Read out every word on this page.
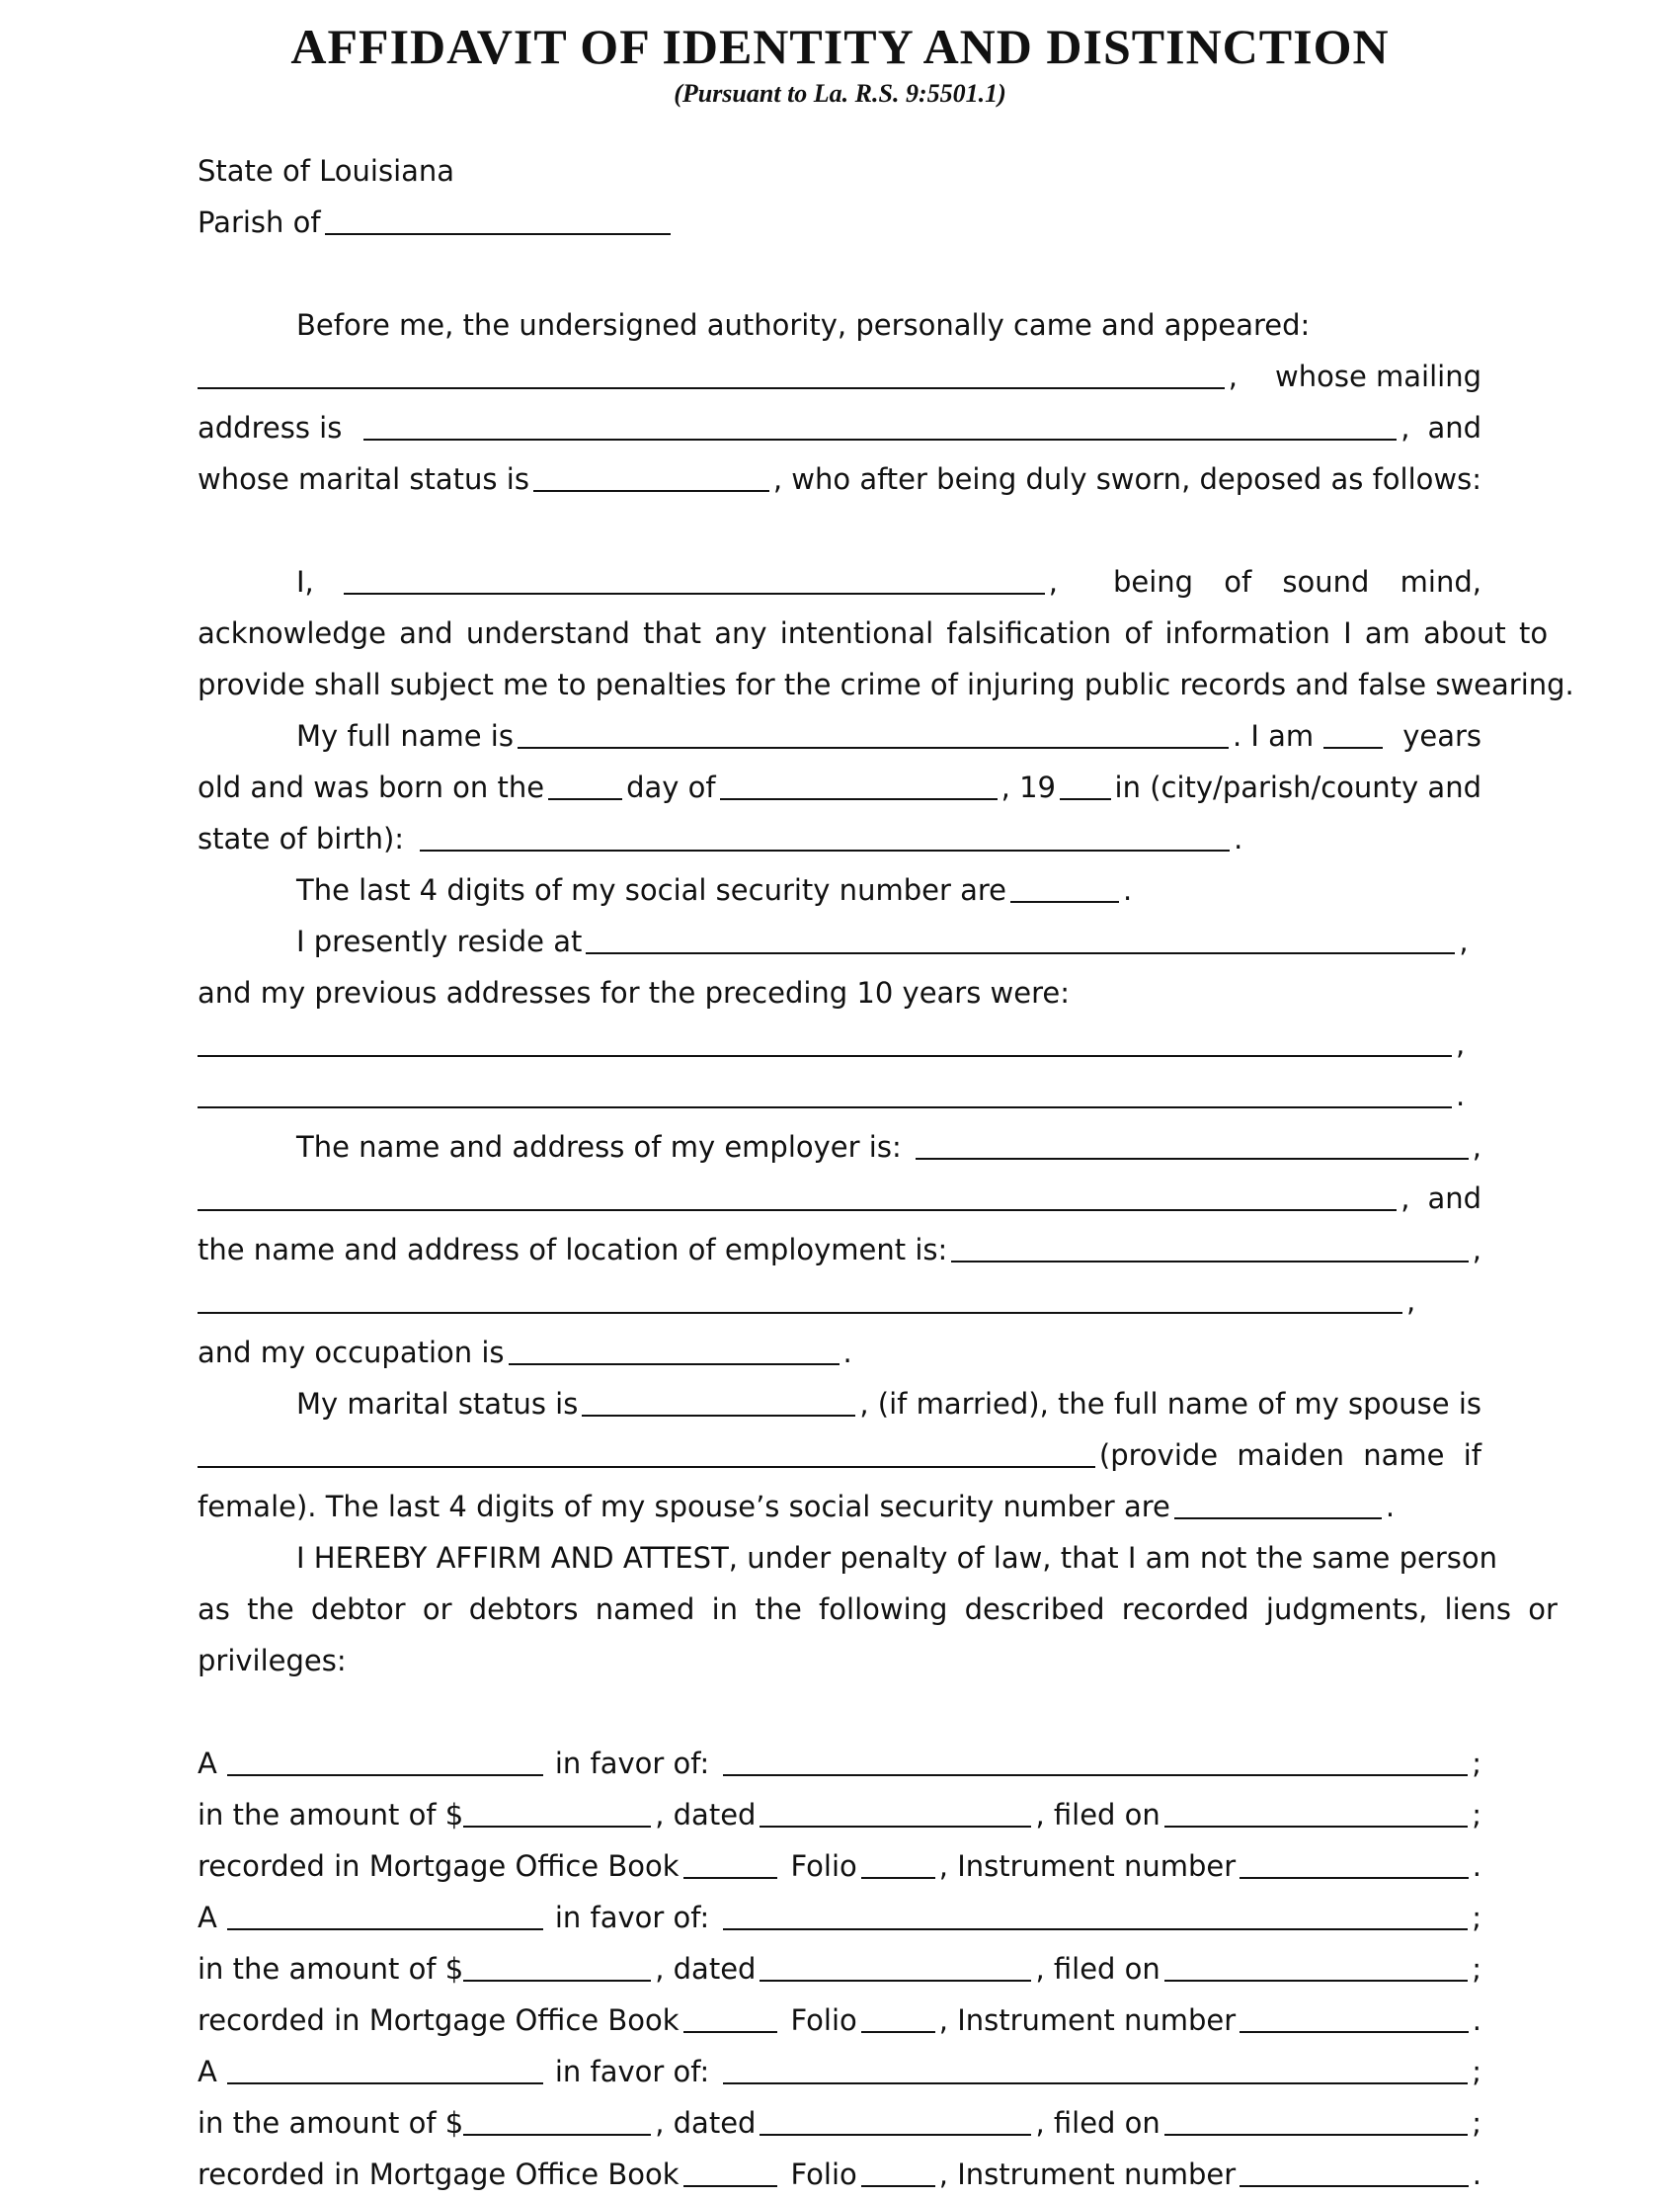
AFFIDAVIT OF IDENTITY AND DISTINCTION
(Pursuant to La. R.S. 9:5501.1)
State of Louisiana
Parish of
Before me, the undersigned authority, personally came and appeared:
, whose mailing
address is	, and
whose marital status is	, who after being duly sworn, deposed as follows:
I,	, being of sound mind,
acknowledge and understand that any intentional falsification of information I am about to
provide shall subject me to penalties for the crime of injuring public records and false swearing.
My full name is	. I am	years
old and was born on the	day of	, 19 in (city/parish/county and
state of birth):	.
The last 4 digits of my social security number are	.
I presently reside at	,
and my previous addresses for the preceding 10 years were:
,
.
The name and address of my employer is:	,
, and
the name and address of location of employment is:	,
,
and my occupation is	.
My marital status is	, (if married), the full name of my spouse is
(provide maiden name if
female). The last 4 digits of my spouse’s social security number are	.
I HEREBY AFFIRM AND ATTEST, under penalty of law, that I am not the same person
as the debtor or debtors named in the following described recorded judgments, liens or
privileges:
A	in favor of:	;
in the amount of $	, dated	, filed on	;
recorded in Mortgage Office Book	Folio	, Instrument number	.
A	in favor of:	;
in the amount of $	, dated	, filed on	;
recorded in Mortgage Office Book	Folio	, Instrument number	.
A	in favor of:	;
in the amount of $	, dated	, filed on	;
recorded in Mortgage Office Book	Folio	, Instrument number	.
